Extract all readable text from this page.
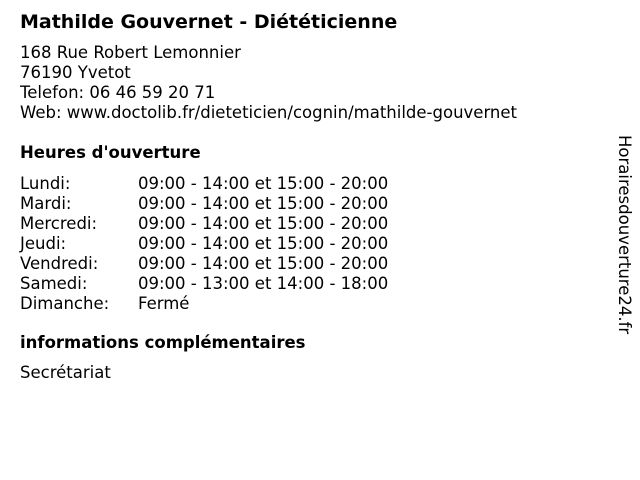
Mathilde Gouvernet - Diététicienne
168 Rue Robert Lemonnier
76190 Yvetot
Telefon: 06 46 59 20 71
Web: www.doctolib.fr/dieteticien/cognin/mathilde-gouvernet
Heures d'ouverture
Lundi:	09:00 - 14:00 et 15:00 - 20:00
Mardi:	09:00 - 14:00 et 15:00 - 20:00
Mercredi:	09:00 - 14:00 et 15:00 - 20:00
Jeudi:	09:00 - 14:00 et 15:00 - 20:00
Vendredi:	09:00 - 14:00 et 15:00 - 20:00
Samedi:	09:00 - 13:00 et 14:00 - 18:00
Dimanche:	Fermé
informations complémentaires
Secrétariat
Horairesdouverture24.fr
